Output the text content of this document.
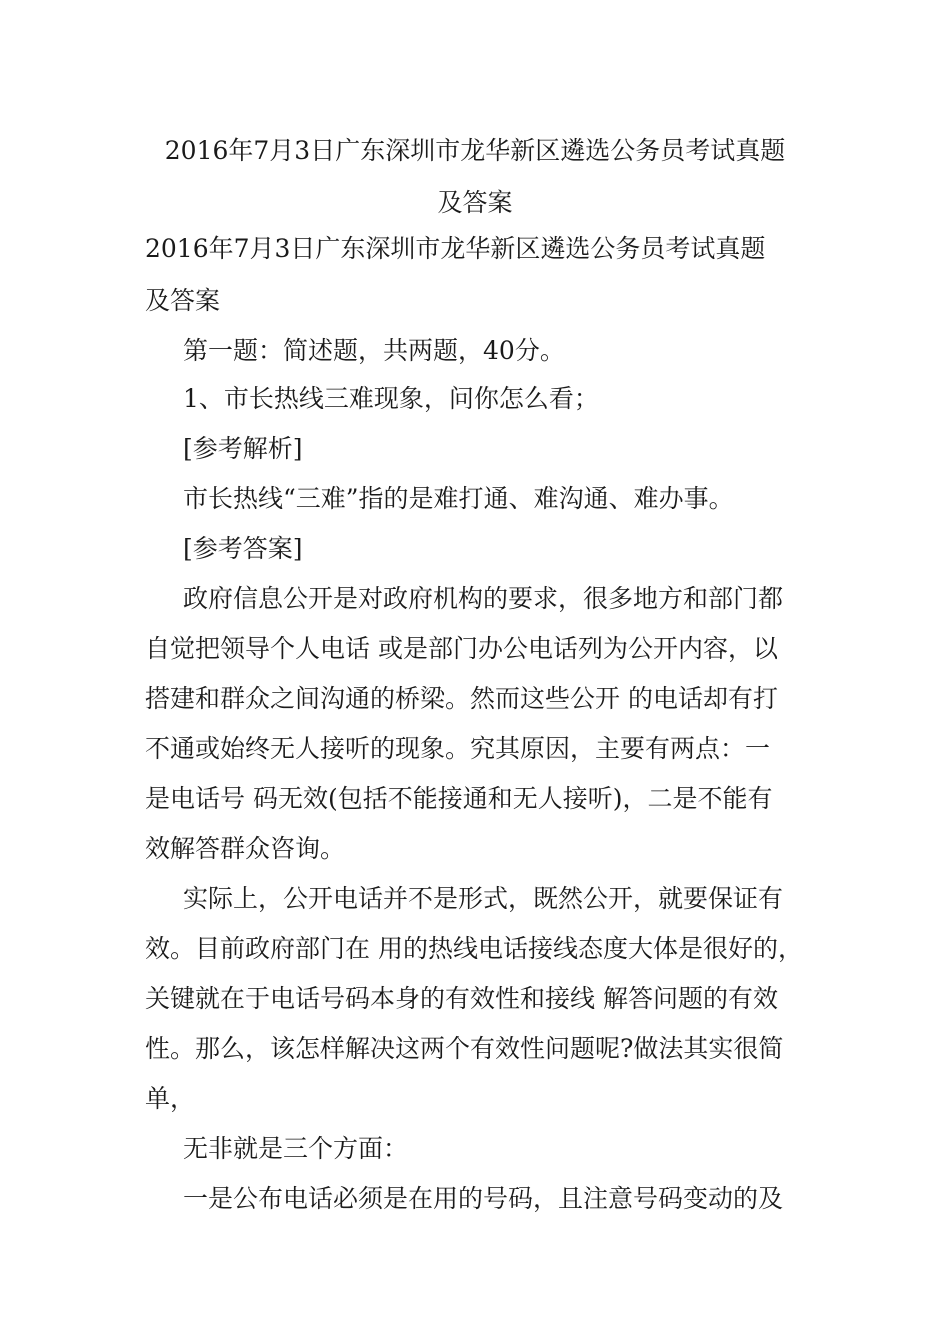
2016年7月3日广东深圳市龙华新区遴选公务员考试真题
及答案
2016年7月3日广东深圳市龙华新区遴选公务员考试真题
及答案
第一题：简述题，共两题，40分。
1、市长热线三难现象，问你怎么看；
[参考解析]
市长热线“三难”指的是难打通、难沟通、难办事。
[参考答案]
政府信息公开是对政府机构的要求，很多地方和部门都
自觉把领导个人电话 或是部门办公电话列为公开内容，以
搭建和群众之间沟通的桥梁。然而这些公开 的电话却有打
不通或始终无人接听的现象。究其原因，主要有两点：一
是电话号 码无效(包括不能接通和无人接听)，二是不能有
效解答群众咨询。
实际上，公开电话并不是形式，既然公开，就要保证有
效。目前政府部门在 用的热线电话接线态度大体是很好的，
关键就在于电话号码本身的有效性和接线 解答问题的有效
性。那么，该怎样解决这两个有效性问题呢?做法其实很简
单，
无非就是三个方面：
一是公布电话必须是在用的号码，且注意号码变动的及
